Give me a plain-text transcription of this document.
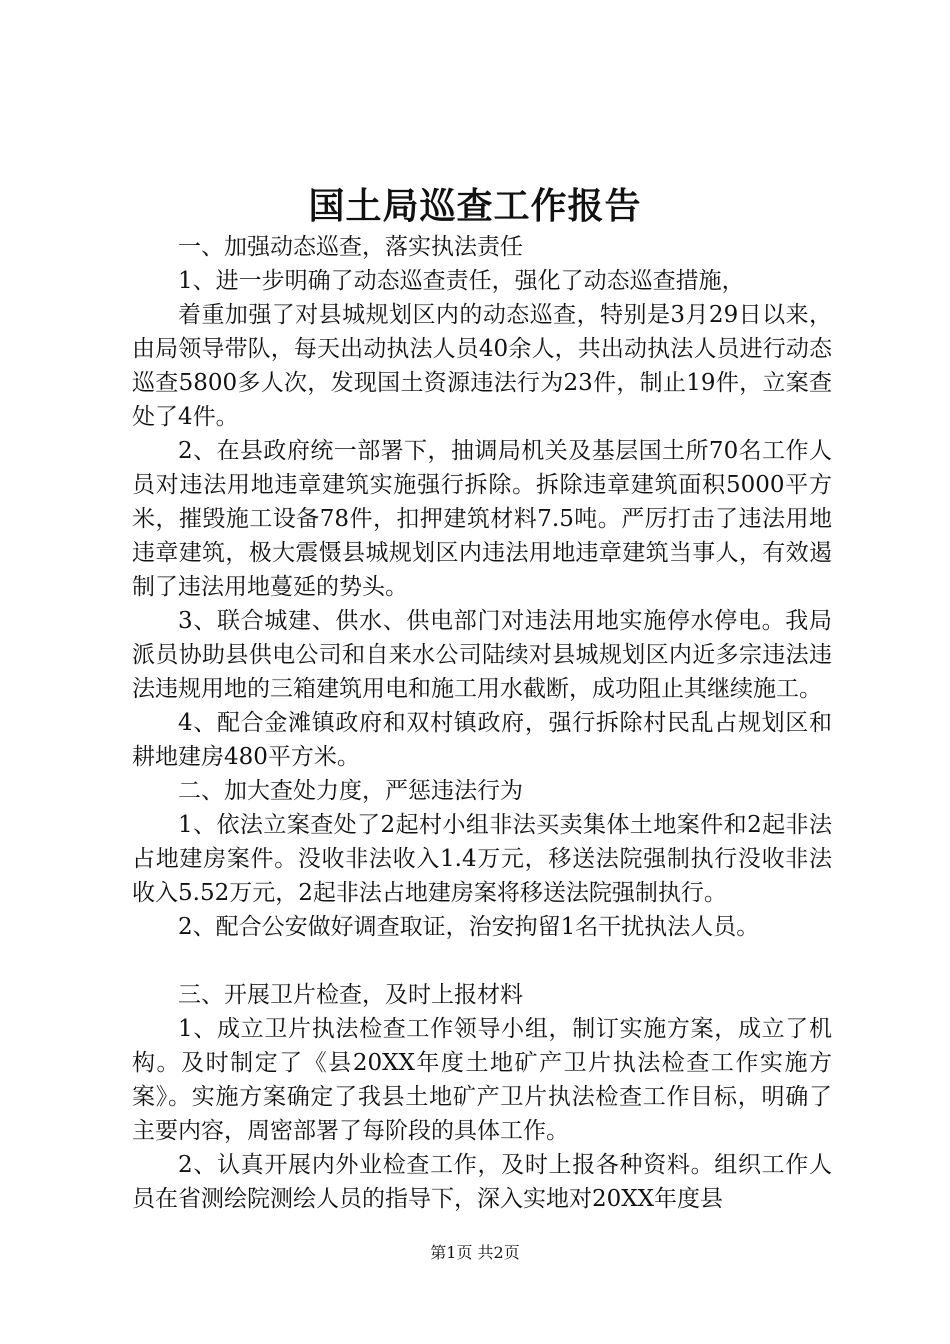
国土局巡查工作报告

一、加强动态巡查，落实执法责任

1、进一步明确了动态巡查责任，强化了动态巡查措施，

着重加强了对县城规划区内的动态巡查，特别是3月29日以来，由局领导带队，每天出动执法人员40余人，共出动执法人员进行动态巡查5800多人次，发现国土资源违法行为23件，制止19件，立案查处了4件。

2、在县政府统一部署下，抽调局机关及基层国土所70名工作人员对违法用地违章建筑实施强行拆除。拆除违章建筑面积5000平方米，摧毁施工设备78件，扣押建筑材料7.5吨。严厉打击了违法用地违章建筑，极大震慑县城规划区内违法用地违章建筑当事人，有效遏制了违法用地蔓延的势头。

3、联合城建、供水、供电部门对违法用地实施停水停电。我局派员协助县供电公司和自来水公司陆续对县城规划区内近多宗违法违法违规用地的三箱建筑用电和施工用水截断，成功阻止其继续施工。

4、配合金滩镇政府和双村镇政府，强行拆除村民乱占规划区和耕地建房480平方米。

二、加大查处力度，严惩违法行为

1、依法立案查处了2起村小组非法买卖集体土地案件和2起非法占地建房案件。没收非法收入1.4万元，移送法院强制执行没收非法收入5.52万元，2起非法占地建房案将移送法院强制执行。

2、配合公安做好调查取证，治安拘留1名干扰执法人员。

三、开展卫片检查，及时上报材料

1、成立卫片执法检查工作领导小组，制订实施方案，成立了机构。及时制定了《县20XX年度土地矿产卫片执法检查工作实施方案》。实施方案确定了我县土地矿产卫片执法检查工作目标，明确了主要内容，周密部署了每阶段的具体工作。

2、认真开展内外业检查工作，及时上报各种资料。组织工作人员在省测绘院测绘人员的指导下，深入实地对20XX年度县

第1页 共2页
